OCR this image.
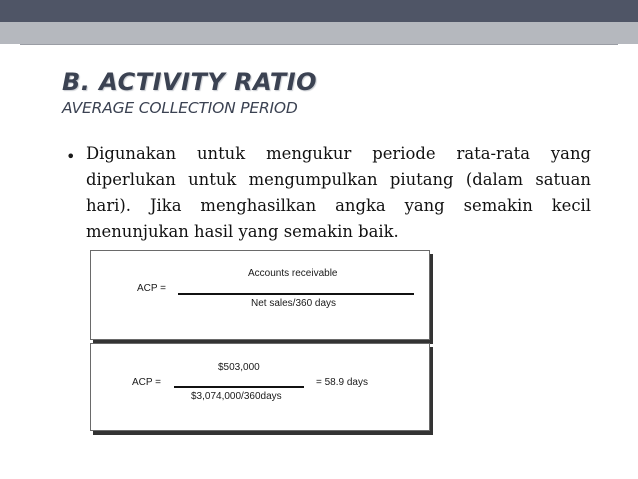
B. ACTIVITY RATIO
AVERAGE COLLECTION PERIOD
• Digunakan untuk mengukur periode rata-rata yang diperlukan untuk mengumpulkan piutang (dalam satuan hari). Jika menghasilkan angka yang semakin kecil menunjukan hasil yang semakin baik.
Accounts receivable
ACP =
Net sales/360 days
$503,000
ACP =	= 58.9 days
$3,074,000/360days
